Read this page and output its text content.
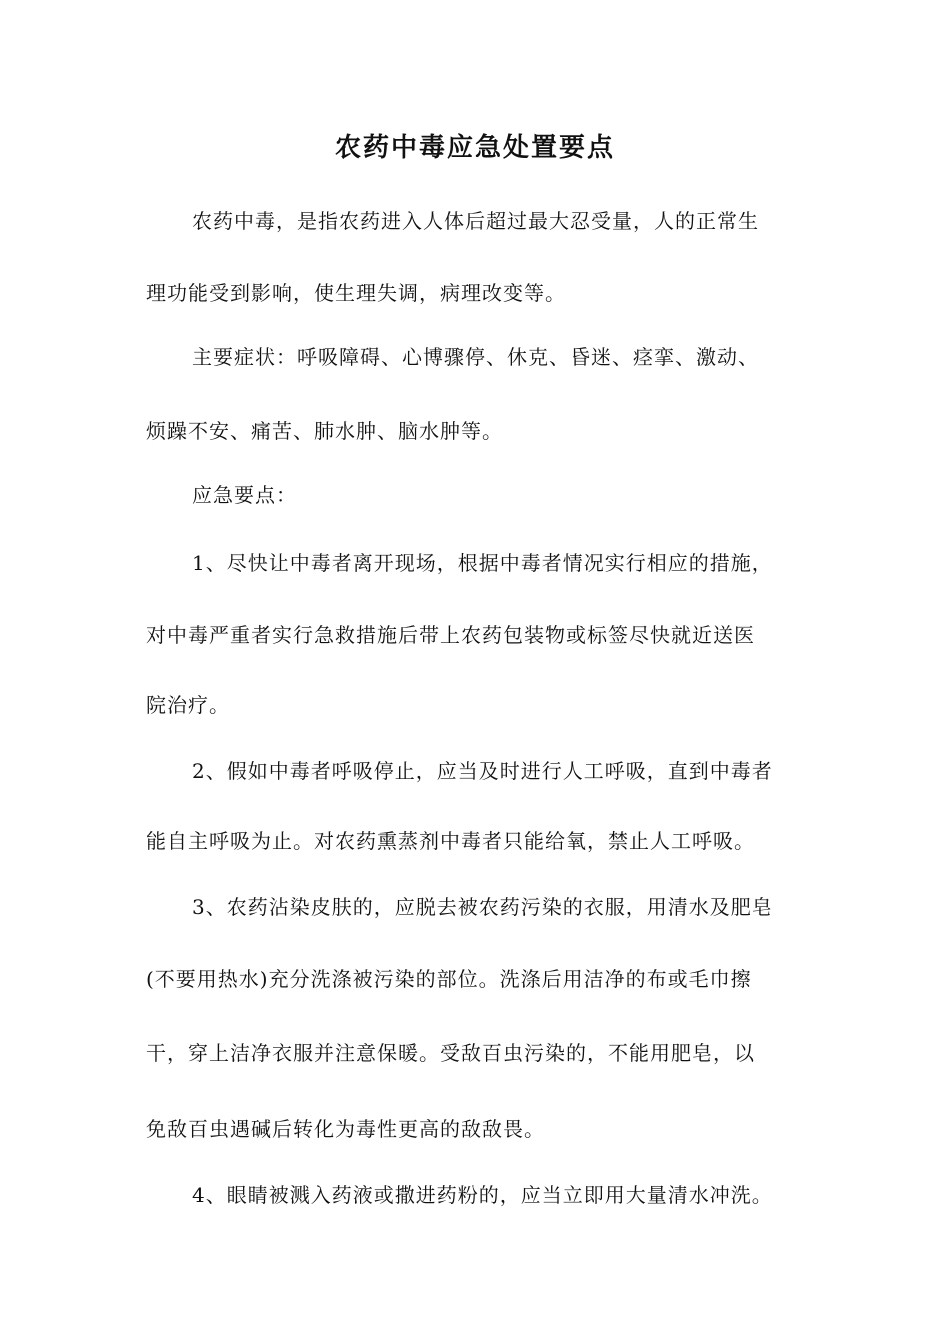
农药中毒应急处置要点

农药中毒，是指农药进入人体后超过最大忍受量，人的正常生

理功能受到影响，使生理失调，病理改变等。

主要症状：呼吸障碍、心博骤停、休克、昏迷、痉挛、激动、

烦躁不安、痛苦、肺水肿、脑水肿等。

应急要点：

1、尽快让中毒者离开现场，根据中毒者情况实行相应的措施，

对中毒严重者实行急救措施后带上农药包装物或标签尽快就近送医

院治疗。

2、假如中毒者呼吸停止，应当及时进行人工呼吸，直到中毒者

能自主呼吸为止。对农药熏蒸剂中毒者只能给氧，禁止人工呼吸。

3、农药沾染皮肤的，应脱去被农药污染的衣服，用清水及肥皂

(不要用热水)充分洗涤被污染的部位。洗涤后用洁净的布或毛巾擦

干，穿上洁净衣服并注意保暖。受敌百虫污染的，不能用肥皂，以

免敌百虫遇碱后转化为毒性更高的敌敌畏。

4、眼睛被溅入药液或撒进药粉的，应当立即用大量清水冲洗。
